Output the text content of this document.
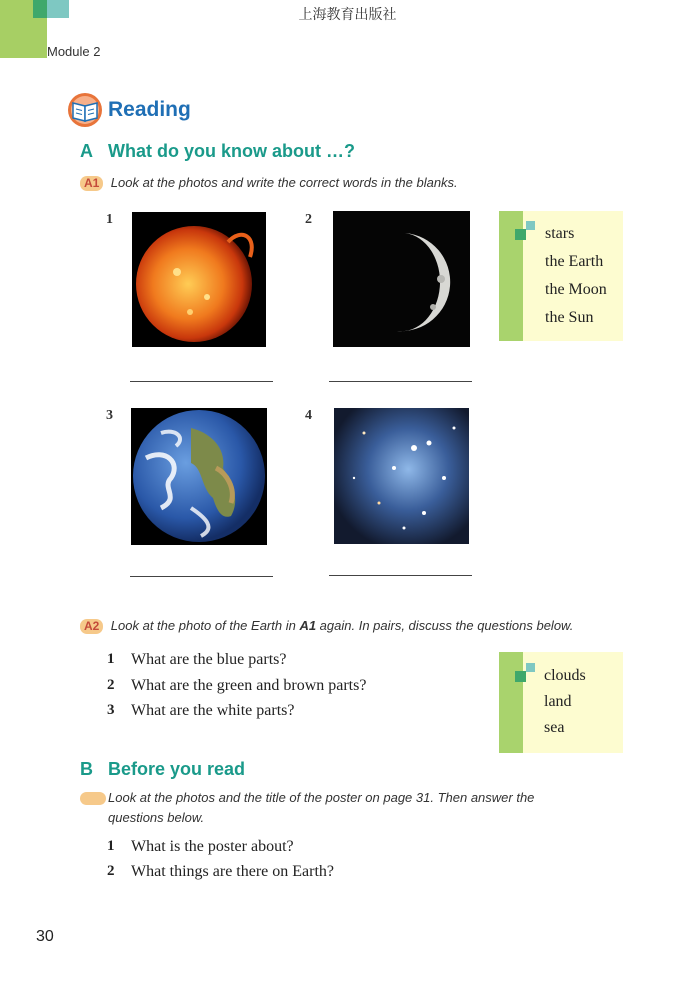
上海教育出版社
Module 2
Reading
A What do you know about …?
A1 Look at the photos and write the correct words in the blanks.
1	2
3	4
stars
the Earth
the Moon
the Sun
A2 Look at the photo of the Earth in A1 again. In pairs, discuss the questions below.
1 What are the blue parts?
2 What are the green and brown parts?
3 What are the white parts?
clouds
land
sea
B Before you read
Look at the photos and the title of the poster on page 31. Then answer the
questions below.
1 What is the poster about?
2 What things are there on Earth?
30
